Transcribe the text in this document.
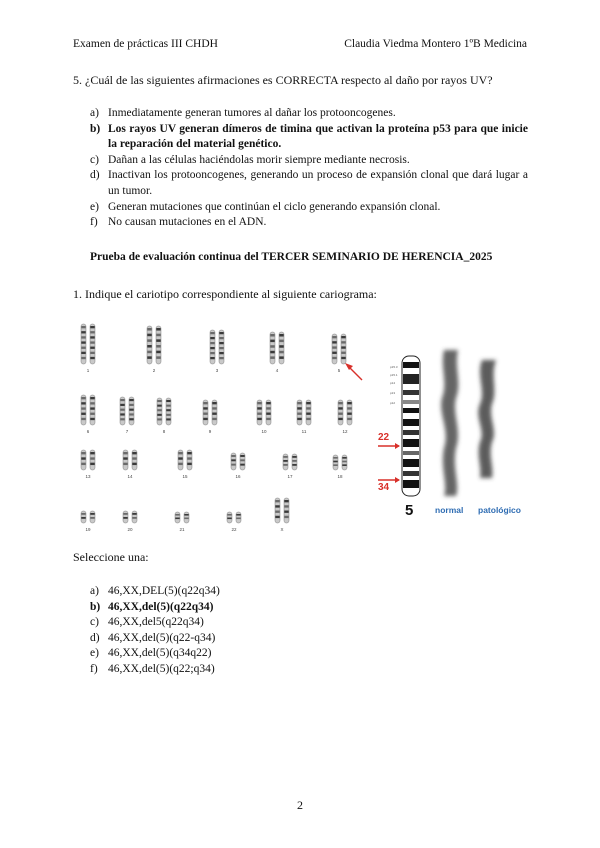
Examen de prácticas III CHDH	Claudia Viedma Montero 1ºB Medicina
5. ¿Cuál de las siguientes afirmaciones es CORRECTA respecto al daño por rayos UV?
a) Inmediatamente generan tumores al dañar los protooncogenes.
b) Los rayos UV generan dímeros de timina que activan la proteína p53 para que inicie la reparación del material genético.
c) Dañan a las células haciéndolas morir siempre mediante necrosis.
d) Inactivan los protooncogenes, generando un proceso de expansión clonal que dará lugar a un tumor.
e) Generan mutaciones que continúan el ciclo generando expansión clonal.
f) No causan mutaciones en el ADN.
Prueba de evaluación continua del TERCER SEMINARIO DE HERENCIA_2025
1. Indique el cariotipo correspondiente al siguiente cariograma:
1	2	3	4	5
6	7	8	9	10	11	12
13	14	15	16	17	18
19	20	21	22	X
p15.3
p15.1
p14
p13
p12
22
34
5	normal patológico
Seleccione una:
a) 46,XX,DEL(5)(q22q34)
b) 46,XX,del(5)(q22q34)
c) 46,XX,del5(q22q34)
d) 46,XX,del(5)(q22-q34)
e) 46,XX,del(5)(q34q22)
f) 46,XX,del(5)(q22;q34)
2
